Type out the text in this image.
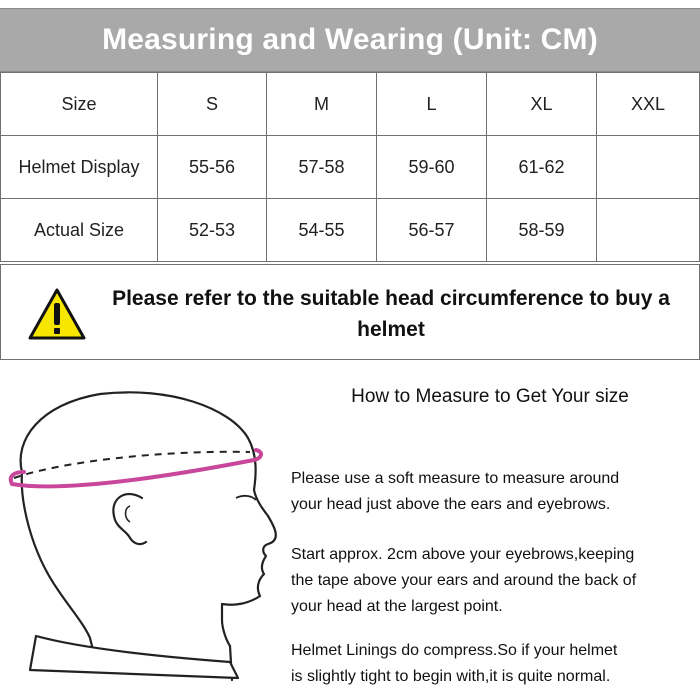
Measuring and Wearing (Unit: CM)
Size	S	M	L	XL	XXL
Helmet Display	55-56	57-58	59-60	61-62	
Actual Size	52-53	54-55	56-57	58-59	
Please refer to the suitable head circumference to buy a
helmet
How to Measure to Get Your size
Please use a soft measure to measure around
your head just above the ears and eyebrows.
Start approx. 2cm above your eyebrows,keeping
the tape above your ears and around the back of
your head at the largest point.
Helmet Linings do compress.So if your helmet
is slightly tight to begin with,it is quite normal.
